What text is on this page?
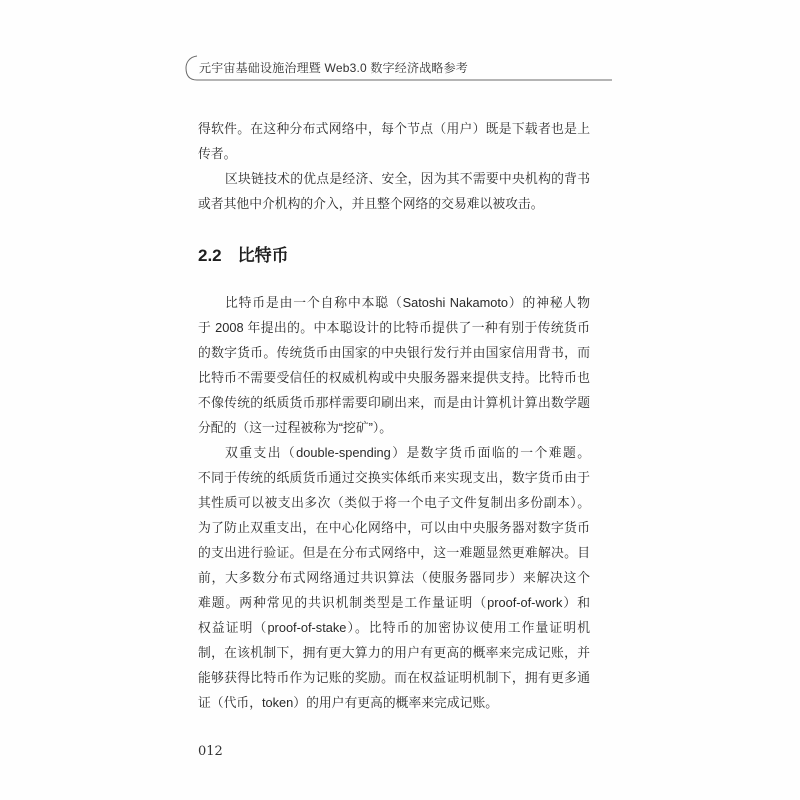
元宇宙基础设施治理暨 Web3.0 数字经济战略参考
得软件。在这种分布式网络中，每个节点（用户）既是下载者也是上
传者。
区块链技术的优点是经济、安全，因为其不需要中央机构的背书
或者其他中介机构的介入，并且整个网络的交易难以被攻击。
2.2 比特币
比特币是由一个自称中本聪（Satoshi Nakamoto）的神秘人物
于 2008 年提出的。中本聪设计的比特币提供了一种有别于传统货币
的数字货币。传统货币由国家的中央银行发行并由国家信用背书，而
比特币不需要受信任的权威机构或中央服务器来提供支持。比特币也
不像传统的纸质货币那样需要印刷出来，而是由计算机计算出数学题
分配的（这一过程被称为“挖矿”）。
双重支出（double-spending）是数字货币面临的一个难题。
不同于传统的纸质货币通过交换实体纸币来实现支出，数字货币由于
其性质可以被支出多次（类似于将一个电子文件复制出多份副本）。
为了防止双重支出，在中心化网络中，可以由中央服务器对数字货币
的支出进行验证。但是在分布式网络中，这一难题显然更难解决。目
前，大多数分布式网络通过共识算法（使服务器同步）来解决这个
难题。两种常见的共识机制类型是工作量证明（proof-of-work）和
权益证明（proof-of-stake）。比特币的加密协议使用工作量证明机
制，在该机制下，拥有更大算力的用户有更高的概率来完成记账，并
能够获得比特币作为记账的奖励。而在权益证明机制下，拥有更多通
证（代币，token）的用户有更高的概率来完成记账。
012
